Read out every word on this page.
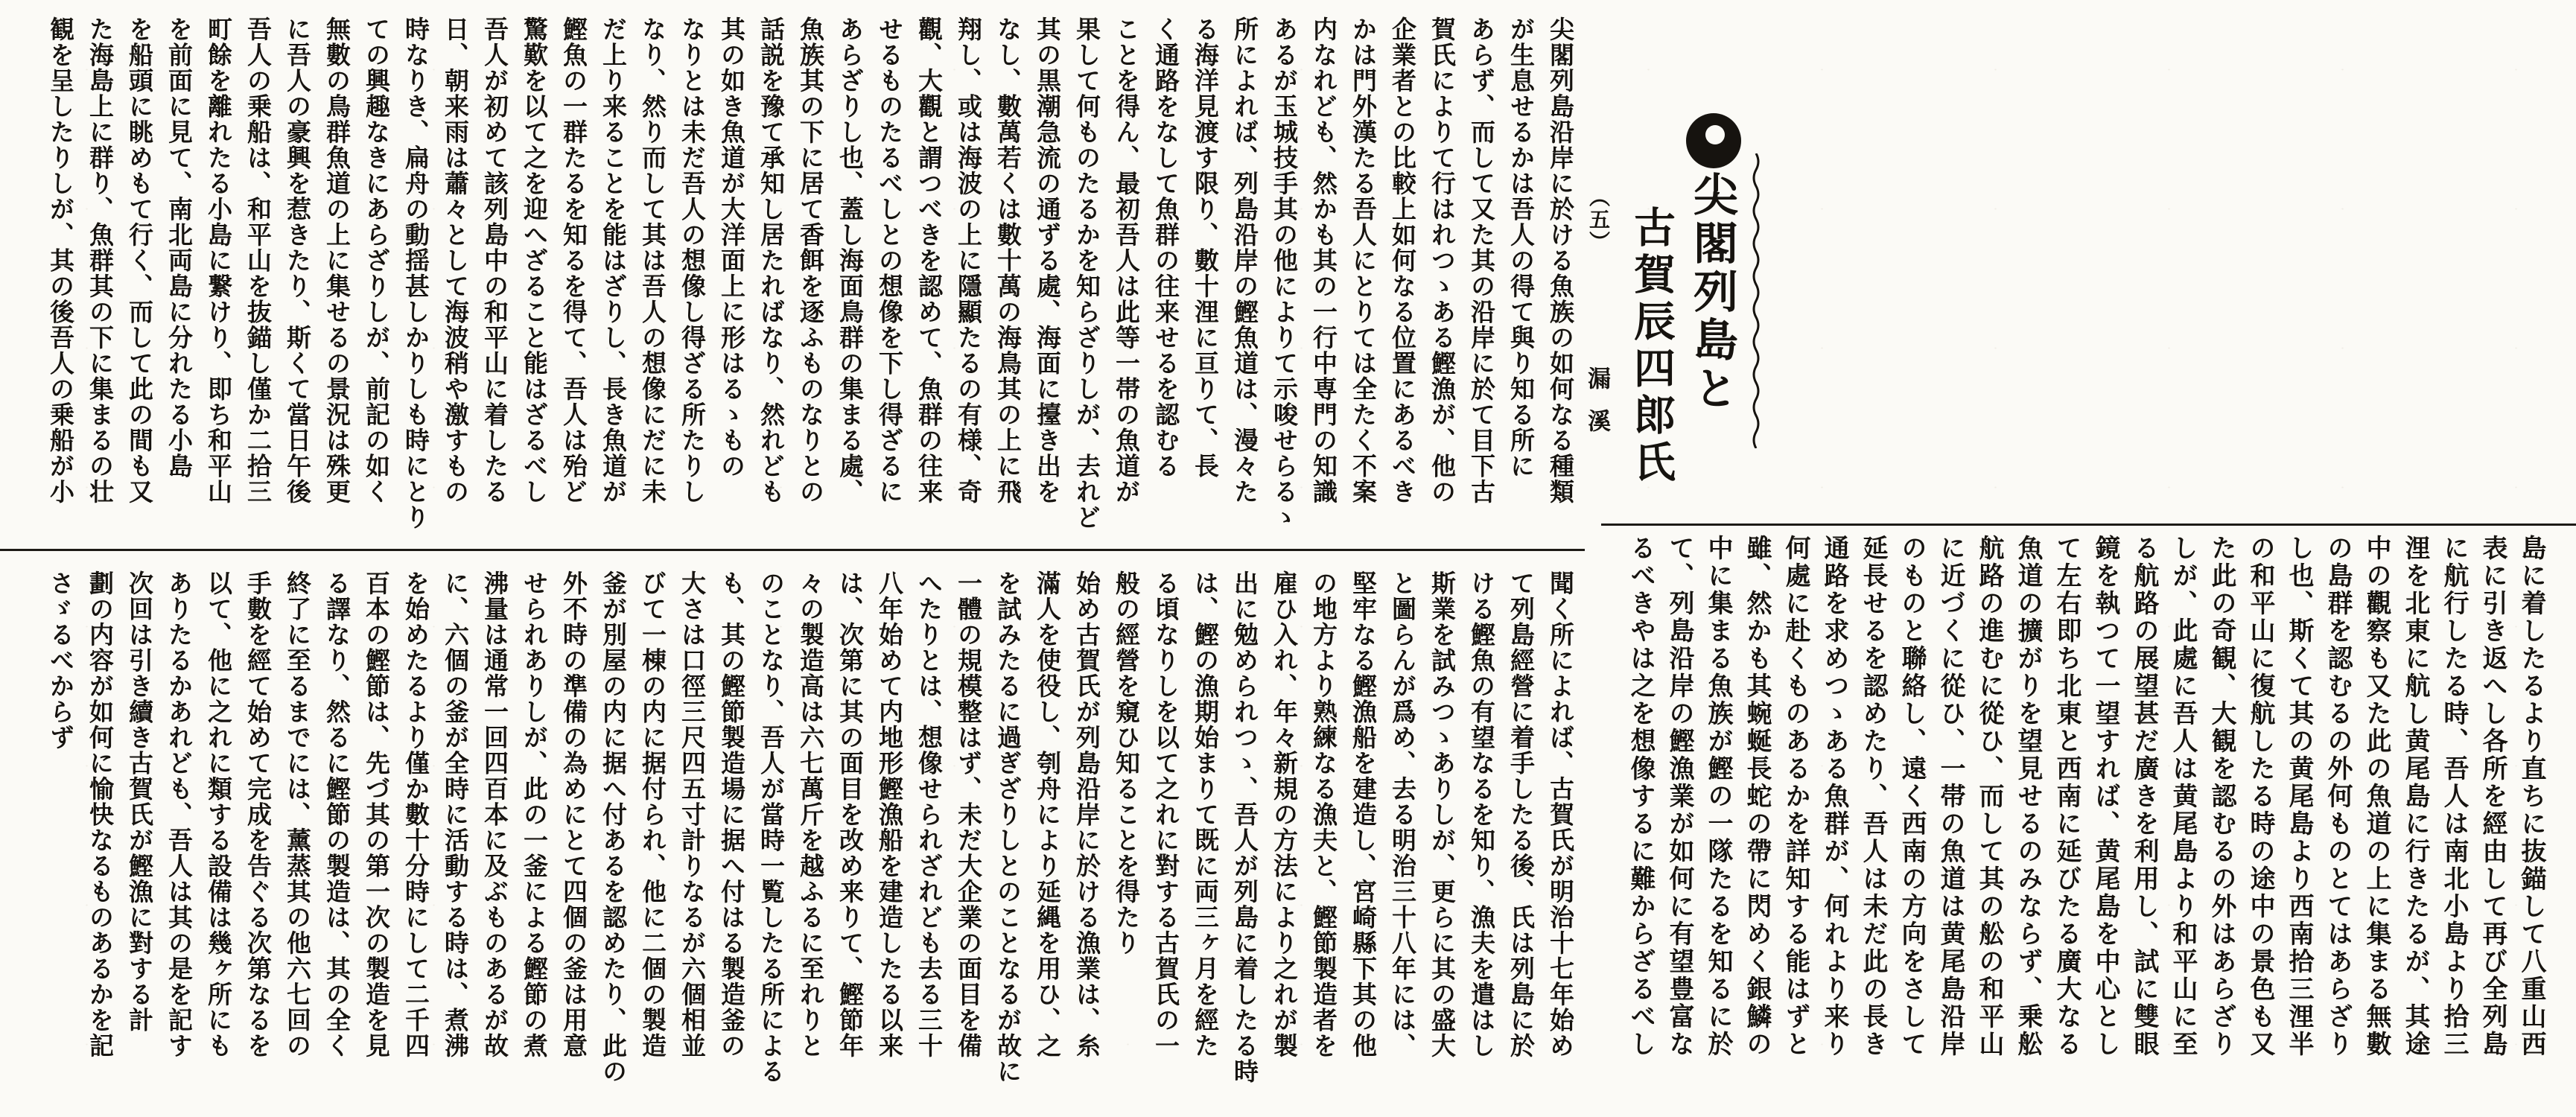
尖閣列島沿岸に於ける魚族の如何なる種類
が生息せるかは吾人の得て與り知る所に
あらず、而して又た其の沿岸に於て目下古
賀氏によりて行はれつゝある鰹漁が、他の
企業者との比較上如何なる位置にあるべき
かは門外漢たる吾人にとりては全たく不案
内なれども、然かも其の一行中専門の知識
あるが玉城技手其の他によりて示唆せらるゝ
所によれば、列島沿岸の鰹魚道は、漫々た
る海洋見渡す限り、數十浬に亘りて、長
く通路をなして魚群の往来せるを認むる
ことを得ん、最初吾人は此等一帯の魚道が
果して何ものたるかを知らざりしが、去れど
其の黒潮急流の通ずる處、海面に擡き出を
なし、數萬若くは數十萬の海鳥其の上に飛
翔し、或は海波の上に隱顯たるの有様、奇
觀、大觀と謂つべきを認めて、魚群の往来
せるものたるべしとの想像を下し得ざるに
あらざりし也、蓋し海面鳥群の集まる處、
魚族其の下に居て香餌を逐ふものなりとの
話説を豫て承知し居たればなり、然れども
其の如き魚道が大洋面上に形はるゝもの
なりとは未だ吾人の想像し得ざる所たりし
なり、然り而して其は吾人の想像にだに未
だ上り来ることを能はざりし、長き魚道が
鰹魚の一群たるを知るを得て、吾人は殆ど
驚歎を以て之を迎へざること能はざるべし
吾人が初めて該列島中の和平山に着したる
日、朝来雨は蕭々として海波稍や激すもの
時なりき、扁舟の動揺甚しかりしも時にとり
ての興趣なきにあらざりしが、前記の如く
無數の鳥群魚道の上に集せるの景況は殊更
に吾人の豪興を惹きたり、斯くて當日午後
吾人の乗船は、和平山を抜錨し僅か二拾三
町餘を離れたる小島に繋けり、即ち和平山
を前面に見て、南北両島に分れたる小島
を船頭に眺めもて行く、而して此の間も又
た海島上に群り、魚群其の下に集まるの壮
観を呈したりしが、其の後吾人の乗船が小
島に着したるより直ちに抜錨して八重山西
表に引き返へし各所を經由して再び全列島
に航行したる時、吾人は南北小島より拾三
浬を北東に航し黄尾島に行きたるが、其途
中の觀察も又た此の魚道の上に集まる無數
の島群を認むるの外何ものとてはあらざり
し也、斯くて其の黄尾島より西南拾三浬半
の和平山に復航したる時の途中の景色も又
た此の奇観、大観を認むるの外はあらざり
しが、此處に吾人は黄尾島より和平山に至
る航路の展望甚だ廣きを利用し、試に雙眼
鏡を執つて一望すれば、黄尾島を中心とし
て左右即ち北東と西南に延びたる廣大なる
魚道の擴がりを望見せるのみならず、乗舩
航路の進むに從ひ、而して其の舩の和平山
に近づくに從ひ、一帯の魚道は黄尾島沿岸
のものと聯絡し、遠く西南の方向をさして
延長せるを認めたり、吾人は未だ此の長き
通路を求めつゝある魚群が、何れより来り
何處に赴くものあるかを詳知する能はずと
雖、然かも其蜿蜒長蛇の帶に閃めく銀鱗の
中に集まる魚族が鰹の一隊たるを知るに於
て、列島沿岸の鰹漁業が如何に有望豊富な
るべきやは之を想像するに難からざるべし
聞く所によれば、古賀氏が明治十七年始め
て列島經營に着手したる後、氏は列島に於
ける鰹魚の有望なるを知り、漁夫を遣はし
斯業を試みつゝありしが、更らに其の盛大
と圖らんが爲め、去る明治三十八年には、
堅牢なる鰹漁船を建造し、宮崎縣下其の他
の地方より熟練なる漁夫と、鰹節製造者を
雇ひ入れ、年々新規の方法により之れが製
出に勉められつゝ、吾人が列島に着したる時
は、鰹の漁期始まりて既に両三ヶ月を經た
る頃なりしを以て之れに對する古賀氏の一
般の經營を窺ひ知ることを得たり
始め古賀氏が列島沿岸に於ける漁業は、糸
滿人を使役し、刳舟により延縄を用ひ、之
を試みたるに過ぎざりしとのことなるが故に
一體の規模整はず、未だ大企業の面目を備
へたりとは、想像せられざれども去る三十
八年始めて内地形鰹漁船を建造したる以来
は、次第に其の面目を改め来りて、鰹節年
々の製造高は六七萬斤を越ふるに至れりと
のことなり、吾人が當時一覧したる所による
も、其の鰹節製造場に据へ付はる製造釜の
大さは口徑三尺四五寸計りなるが六個相並
びて一棟の内に据付られ、他に二個の製造
釜が別屋の内に据へ付あるを認めたり、此の
外不時の準備の為めにとて四個の釜は用意
せられありしが、此の一釜による鰹節の煮
沸量は通常一回四百本に及ぶものあるが故
に、六個の釜が全時に活動する時は、煮沸
を始めたるより僅か數十分時にして二千四
百本の鰹節は、先づ其の第一次の製造を見
る譯なり、然るに鰹節の製造は、其の全く
終了に至るまでには、薰蒸其の他六七回の
手數を經て始めて完成を告ぐる次第なるを
以て、他に之れに類する設備は幾ヶ所にも
ありたるかあれども、吾人は其の是を記す
次回は引き續き古賀氏が鰹漁に對する計
劃の内容が如何に愉快なるものあるかを記
さゞるべからず
尖閣列島と
古賀辰四郎氏
（五）
漏溪
